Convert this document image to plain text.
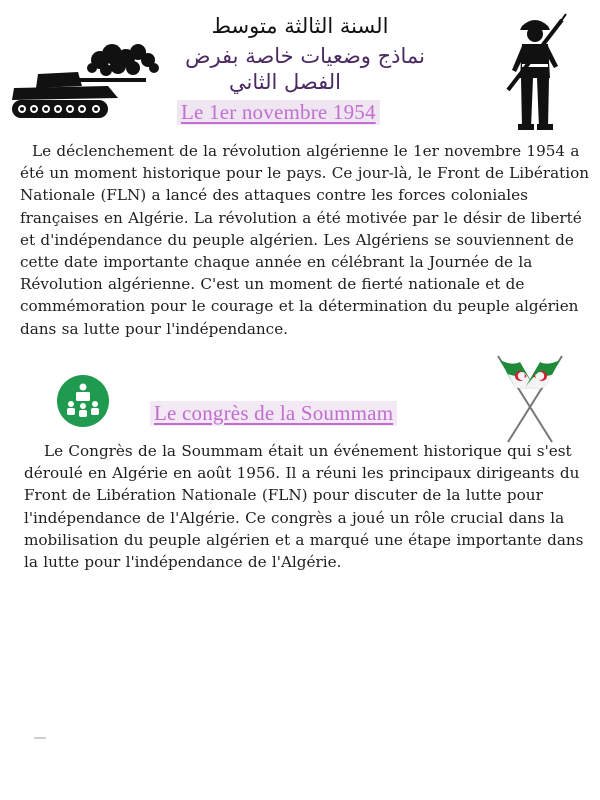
السنة الثالثة متوسط
نماذج وضعيات خاصة بفرض
الفصل الثاني
Le 1er novembre 1954
Le déclenchement de la révolution algérienne le 1er novembre 1954 a été un moment historique pour le pays. Ce jour-là, le Front de Libération Nationale (FLN) a lancé des attaques contre les forces coloniales françaises en Algérie. La révolution a été motivée par le désir de liberté et d'indépendance du peuple algérien. Les Algériens se souviennent de cette date importante chaque année en célébrant la Journée de la Révolution algérienne. C'est un moment de fierté nationale et de commémoration pour le courage et la détermination du peuple algérien dans sa lutte pour l'indépendance.
Le congrès de la Soummam
Le Congrès de la Soummam était un événement historique qui s'est déroulé en Algérie en août 1956. Il a réuni les principaux dirigeants du Front de Libération Nationale (FLN) pour discuter de la lutte pour l'indépendance de l'Algérie. Ce congrès a joué un rôle crucial dans la mobilisation du peuple algérien et a marqué une étape importante dans la lutte pour l'indépendance de l'Algérie.
